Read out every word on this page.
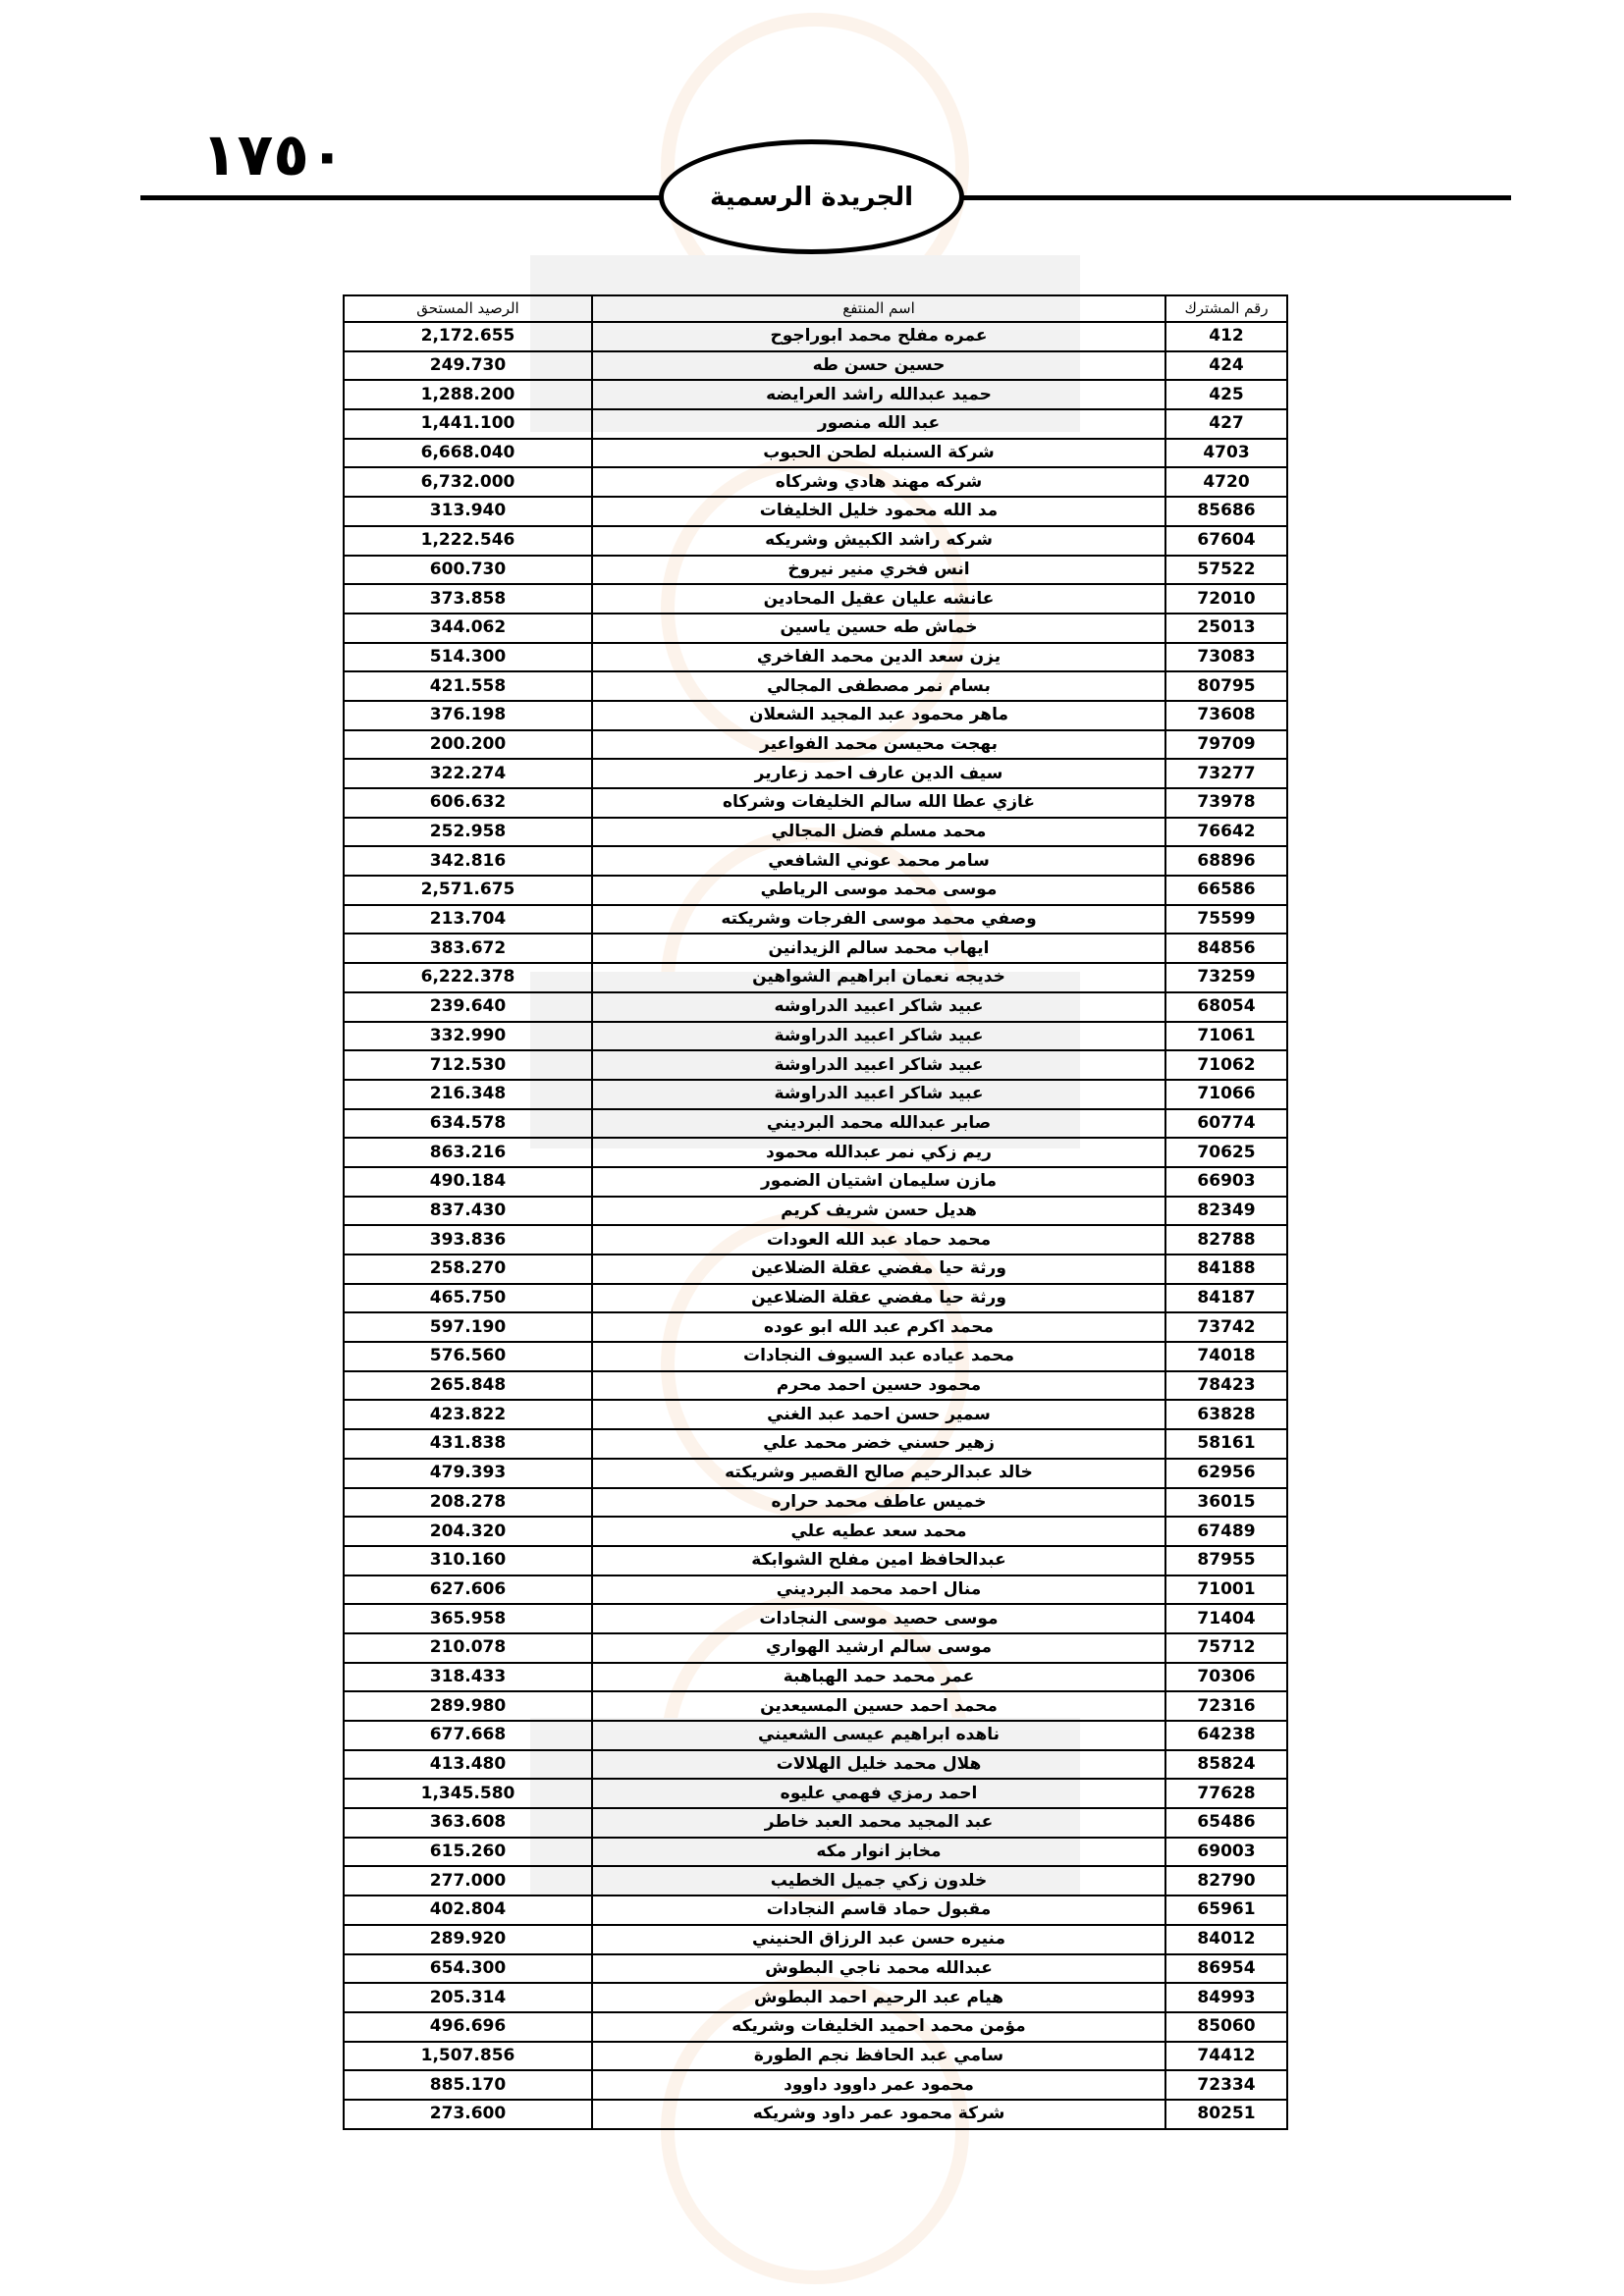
١٧٥٠
الجريدة الرسمية
رقم المشترك	اسم المنتفع	الرصيد المستحق
412	عمره مفلح محمد ابوراجوح	2,172.655
424	حسين حسن طه	249.730
425	حميد عبدالله راشد العرايضه	1,288.200
427	عبد الله منصور	1,441.100
4703	شركة السنبله لطحن الحبوب	6,668.040
4720	شركه مهند هادي وشركاه	6,732.000
85686	مد الله محمود خليل الخليفات	313.940
67604	شركه راشد الكبيش وشريكه	1,222.546
57522	انس فخري منير نيروخ	600.730
72010	عانشه عليان عقيل المحادين	373.858
25013	خماش طه حسين ياسين	344.062
73083	يزن سعد الدين محمد الفاخري	514.300
80795	بسام نمر مصطفى المجالي	421.558
73608	ماهر محمود عبد المجيد الشعلان	376.198
79709	بهجت محيسن محمد الفواعير	200.200
73277	سيف الدين عارف احمد زعارير	322.274
73978	غازي عطا الله سالم الخليفات وشركاه	606.632
76642	محمد مسلم فضل المجالي	252.958
68896	سامر محمد عوني الشافعي	342.816
66586	موسى محمد موسى الرياطي	2,571.675
75599	وصفي محمد موسى الفرجات وشريكته	213.704
84856	ايهاب محمد سالم الزيدانين	383.672
73259	خديجه نعمان ابراهيم الشواهين	6,222.378
68054	عبيد شاكر اعبيد الدراوشه	239.640
71061	عبيد شاكر اعبيد الدراوشة	332.990
71062	عبيد شاكر اعبيد الدراوشة	712.530
71066	عبيد شاكر اعبيد الدراوشة	216.348
60774	صابر عبدالله محمد البرديني	634.578
70625	ريم زكي نمر عبدالله محمود	863.216
66903	مازن سليمان اشتيان الضمور	490.184
82349	هديل حسن شريف كريم	837.430
82788	محمد حماد عبد الله العودات	393.836
84188	ورثة حيا مفضي عقلة الضلاعين	258.270
84187	ورثة حيا مفضي عقلة الضلاعين	465.750
73742	محمد اكرم عبد الله ابو عوده	597.190
74018	محمد عياده عبد السيوف النجادات	576.560
78423	محمود حسين احمد محرم	265.848
63828	سمير حسن احمد عبد الغني	423.822
58161	زهير حسني خضر محمد علي	431.838
62956	خالد عبدالرحيم صالح القصير وشريكته	479.393
36015	خميس عاطف محمد حراره	208.278
67489	محمد سعد عطيه علي	204.320
87955	عبدالحافظ امين مفلح الشوابكة	310.160
71001	منال احمد محمد البرديني	627.606
71404	موسى حصيد موسى النجادات	365.958
75712	موسى سالم ارشيد الهواري	210.078
70306	عمر محمد حمد الهباهبة	318.433
72316	محمد احمد حسين المسيعدين	289.980
64238	ناهده ابراهيم عيسى الشعيني	677.668
85824	هلال محمد خليل الهلالات	413.480
77628	احمد رمزي فهمي عليوه	1,345.580
65486	عبد المجيد محمد العبد خاطر	363.608
69003	مخابز انوار مكه	615.260
82790	خلدون زكي جميل الخطيب	277.000
65961	مقبول حماد قاسم النجادات	402.804
84012	منيره حسن عبد الرزاق الحنيني	289.920
86954	عبدالله محمد ناجي البطوش	654.300
84993	هيام عبد الرحيم احمد البطوش	205.314
85060	مؤمن محمد احميد الخليفات وشريكه	496.696
74412	سامي عبد الحافظ نجم الطورة	1,507.856
72334	محمود عمر داوود داوود	885.170
80251	شركة محمود عمر داود وشريكه	273.600
